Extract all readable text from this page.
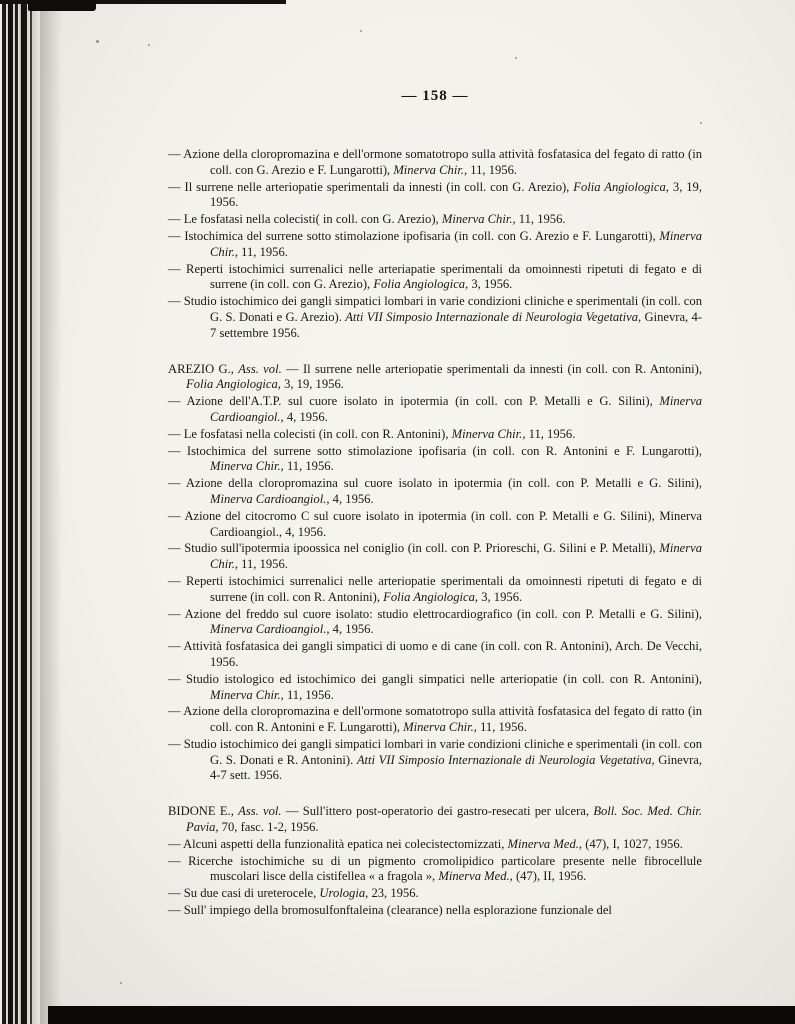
— 158 —

— Azione della cloropromazina e dell'ormone somatotropo sulla attività fosfatasica del fegato di ratto (in coll. con G. Arezio e F. Lungarotti), Minerva Chir., 11, 1956.

— Il surrene nelle arteriopatie sperimentali da innesti (in coll. con G. Arezio), Folia Angiologica, 3, 19, 1956.

— Le fosfatasi nella colecisti( in coll. con G. Arezio), Minerva Chir., 11, 1956.

— Istochimica del surrene sotto stimolazione ipofisaria (in coll. con G. Arezio e F. Lungarotti), Minerva Chir., 11, 1956.

— Reperti istochimici surrenalici nelle arteriapatie sperimentali da omoinnesti ripetuti di fegato e di surrene (in coll. con G. Arezio), Folia Angiologica, 3, 1956.

— Studio istochimico dei gangli simpatici lombari in varie condizioni cliniche e sperimentali (in coll. con G. S. Donati e G. Arezio). Atti VII Simposio Internazionale di Neurologia Vegetativa, Ginevra, 4-7 settembre 1956.

AREZIO G., Ass. vol. — Il surrene nelle arteriopatie sperimentali da innesti (in coll. con R. Antonini), Folia Angiologica, 3, 19, 1956.

— Azione dell'A.T.P. sul cuore isolato in ipotermia (in coll. con P. Metalli e G. Silini), Minerva Cardioangiol., 4, 1956.

— Le fosfatasi nella colecisti (in coll. con R. Antonini), Minerva Chir., 11, 1956.

— Istochimica del surrene sotto stimolazione ipofisaria (in coll. con R. Antonini e F. Lungarotti), Minerva Chir., 11, 1956.

— Azione della cloropromazina sul cuore isolato in ipotermia (in coll. con P. Metalli e G. Silini), Minerva Cardioangiol., 4, 1956.

— Azione del citocromo C sul cuore isolato in ipotermia (in coll. con P. Metalli e G. Silini), Minerva Cardioangiol., 4, 1956.

— Studio sull'ipotermia ipoossica nel coniglio (in coll. con P. Prioreschi, G. Silini e P. Metalli), Minerva Chir., 11, 1956.

— Reperti istochimici surrenalici nelle arteriopatie sperimentali da omoinnesti ripetuti di fegato e di surrene (in coll. con R. Antonini), Folia Angiologica, 3, 1956.

— Azione del freddo sul cuore isolato: studio elettrocardiografico (in coll. con P. Metalli e G. Silini), Minerva Cardioangiol., 4, 1956.

— Attività fosfatasica dei gangli simpatici di uomo e di cane (in coll. con R. Antonini), Arch. De Vecchi, 1956.

— Studio istologico ed istochimico dei gangli simpatici nelle arteriopatie (in coll. con R. Antonini), Minerva Chir., 11, 1956.

— Azione della cloropromazina e dell'ormone somatotropo sulla attività fosfatasica del fegato di ratto (in coll. con R. Antonini e F. Lungarotti), Minerva Chir., 11, 1956.

— Studio istochimico dei gangli simpatici lombari in varie condizioni cliniche e sperimentali (in coll. con G. S. Donati e R. Antonini). Atti VII Simposio Internazionale di Neurologia Vegetativa, Ginevra, 4-7 sett. 1956.

BIDONE E., Ass. vol. — Sull'ittero post-operatorio dei gastro-resecati per ulcera, Boll. Soc. Med. Chir. Pavia, 70, fasc. 1-2, 1956.

— Alcuni aspetti della funzionalità epatica nei colecistectomizzati, Minerva Med., (47), I, 1027, 1956.

— Ricerche istochimiche su di un pigmento cromolipidico particolare presente nelle fibrocellule muscolari lisce della cistifellea « a fragola », Minerva Med., (47), II, 1956.

— Su due casi di ureterocele, Urologia, 23, 1956.

— Sull' impiego della bromosulfonftaleina (clearance) nella esplorazione funzionale del
